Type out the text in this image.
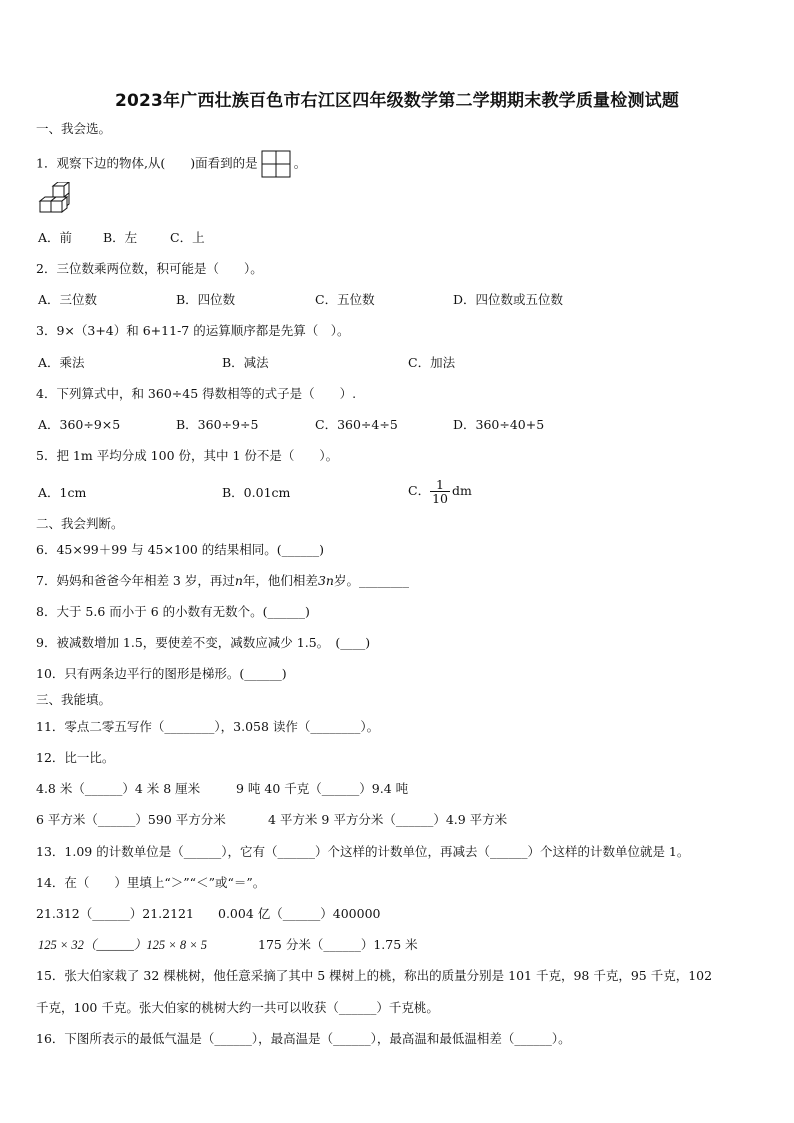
2023年广西壮族百色市右江区四年级数学第二学期期末教学质量检测试题
一、我会选。
1．观察下边的物体,从(　　)面看到的是	。
A．前 B．左	C．上
2．三位数乘两位数，积可能是（　　）。
A．三位数	B．四位数	C．五位数	D．四位数或五位数
3．9×（3+4）和 6+11-7 的运算顺序都是先算（　）。
A．乘法	B．减法	C．加法
4．下列算式中，和 360÷45 得数相等的式子是（　　）.
A．360÷9×5	B．360÷9÷5	C．360÷4÷5	D．360÷40+5
5．把 1m 平均分成 100 份，其中 1 份不是（　　）。
A．1cm	B．0.01cm	C． $\frac{1}{10}$ dm
二、我会判断。
6．45×99＋99 与 45×100 的结果相同。(______)
7．妈妈和爸爸今年相差 3 岁，再过n年，他们相差3n岁。________
8．大于 5.6 而小于 6 的小数有无数个。(______)
9．被减数增加 1.5，要使差不变，减数应减少 1.5。　(____)
10．只有两条边平行的图形是梯形。(______)
三、我能填。
11．零点二零五写作（________），3.058 读作（________）。
12．比一比。
4.8 米（______）4 米 8 厘米	9 吨 40 千克（______）9.4 吨
6 平方米（______）590 平方分米	4 平方米 9 平方分米（______）4.9 平方米
13．1.09 的计数单位是（______），它有（______）个这样的计数单位，再减去（______）个这样的计数单位就是 1。
14．在（　　）里填上“＞”“＜”或“＝”。
21.312（______）21.2121 0.004 亿（______）400000
125 × 32（______）125 × 8 × 5	175 分米（______）1.75 米
15．张大伯家栽了 32 棵桃树，他任意采摘了其中 5 棵树上的桃，称出的质量分别是 101 千克，98 千克，95 千克，102
千克，100 千克。张大伯家的桃树大约一共可以收获（______）千克桃。
16．下图所表示的最低气温是（______），最高温是（______），最高温和最低温相差（______）。
